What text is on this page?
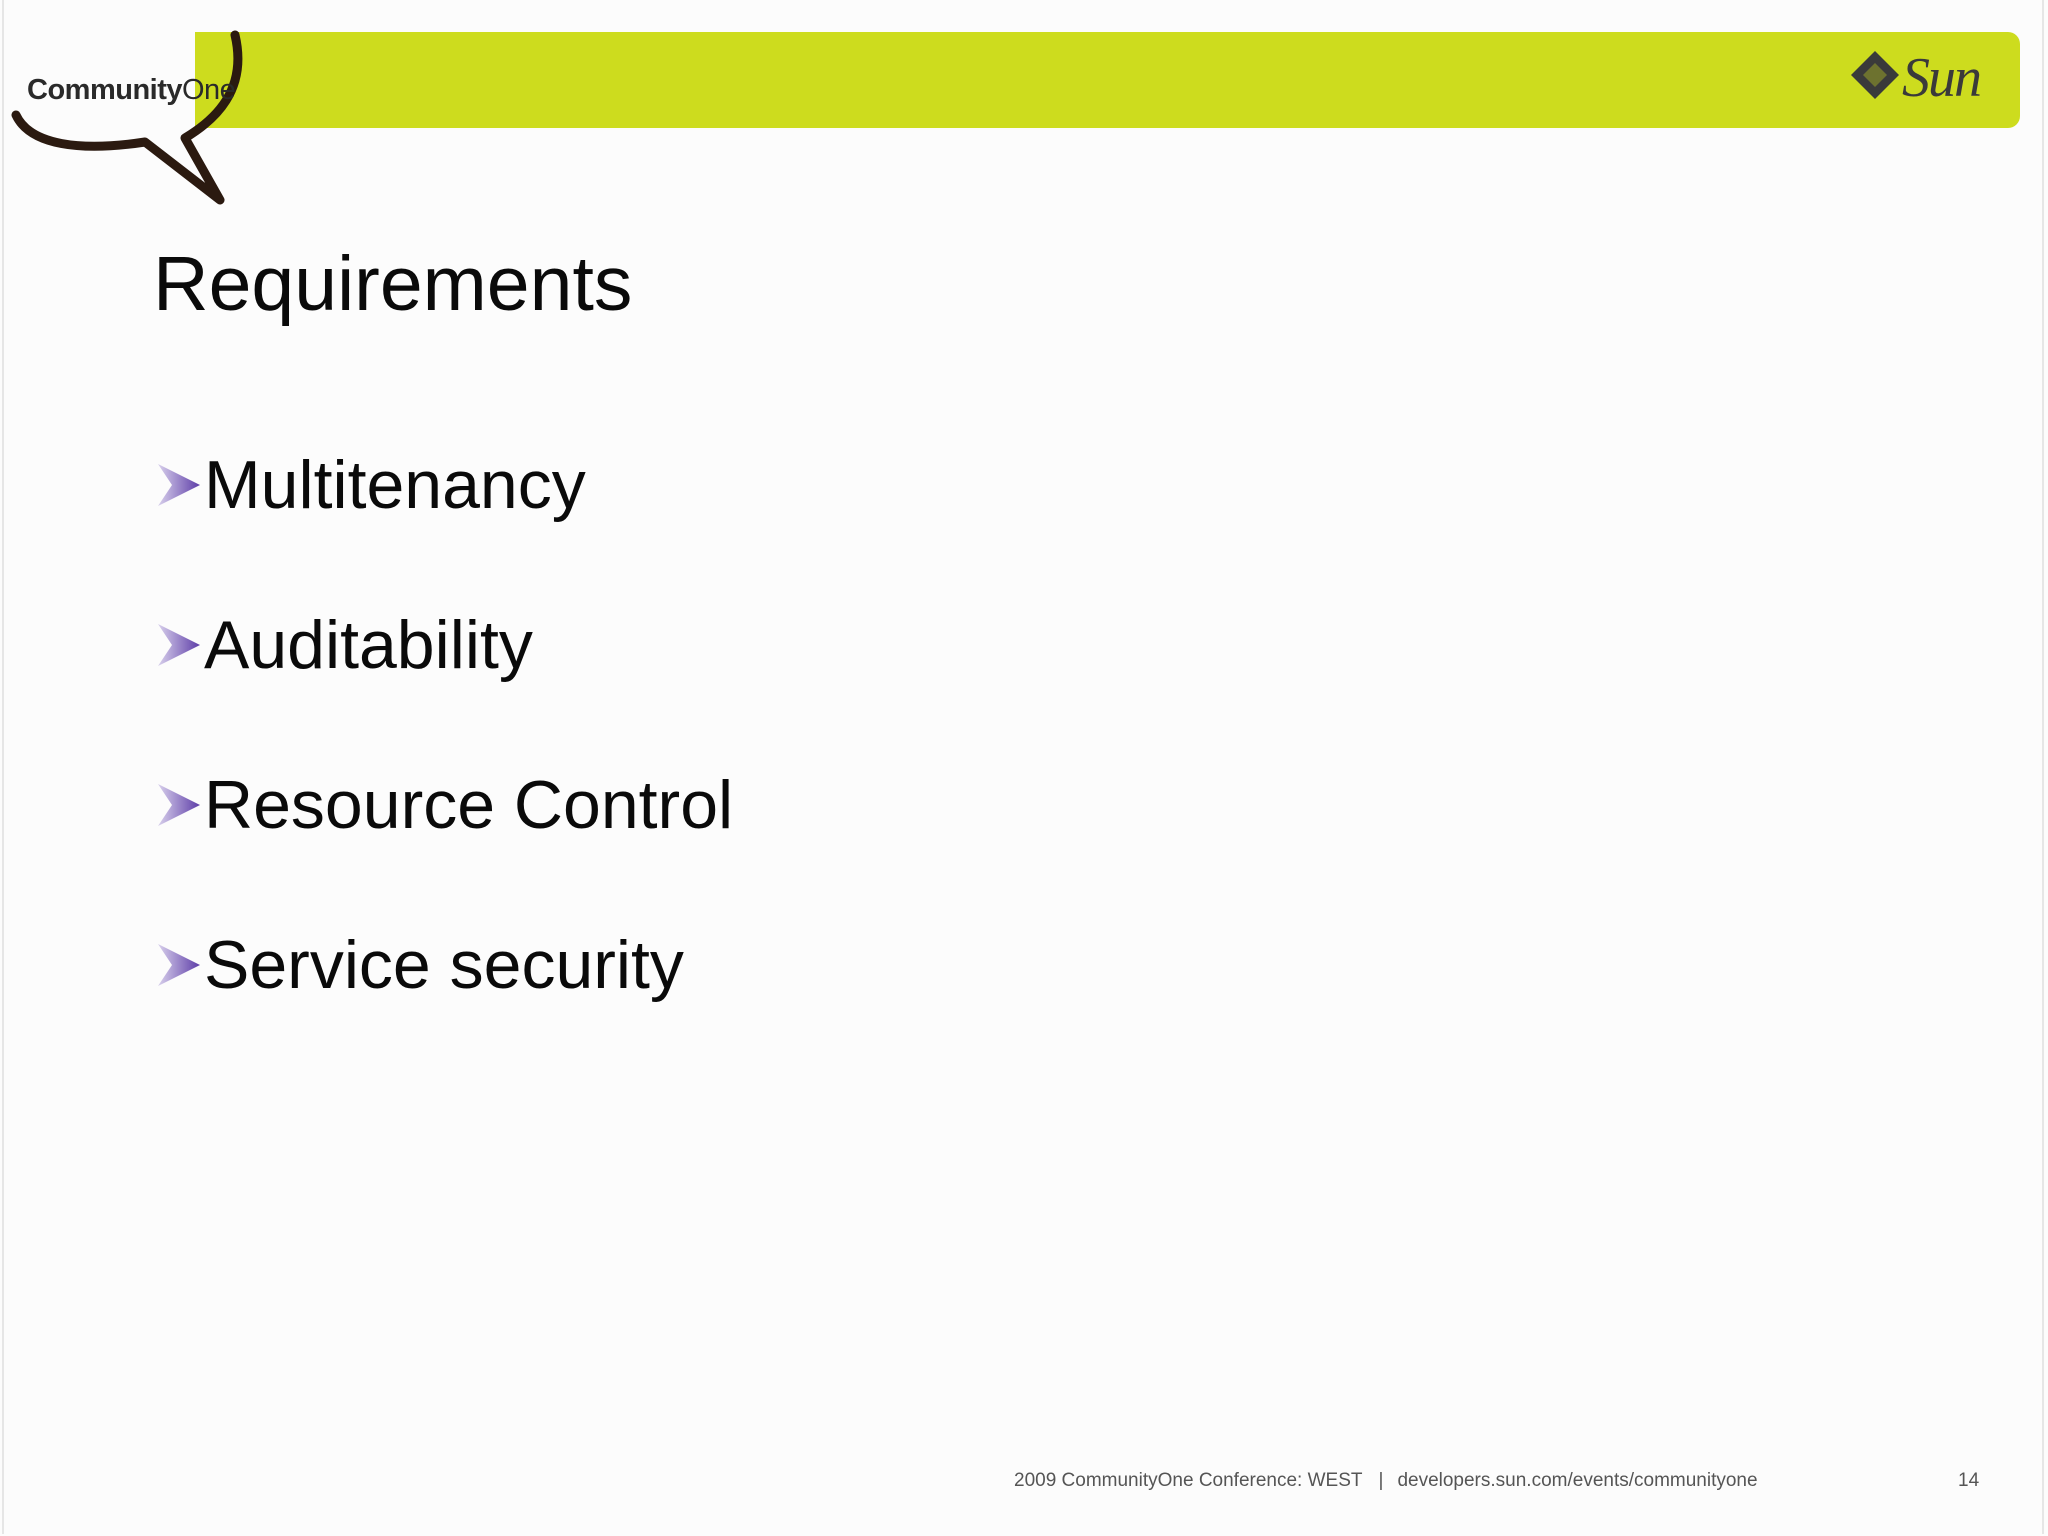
CommunityOne	Sun
Requirements
Multitenancy
Auditability
Resource Control
Service security
2009 CommunityOne Conference: WEST | developers.sun.com/events/communityone	14
